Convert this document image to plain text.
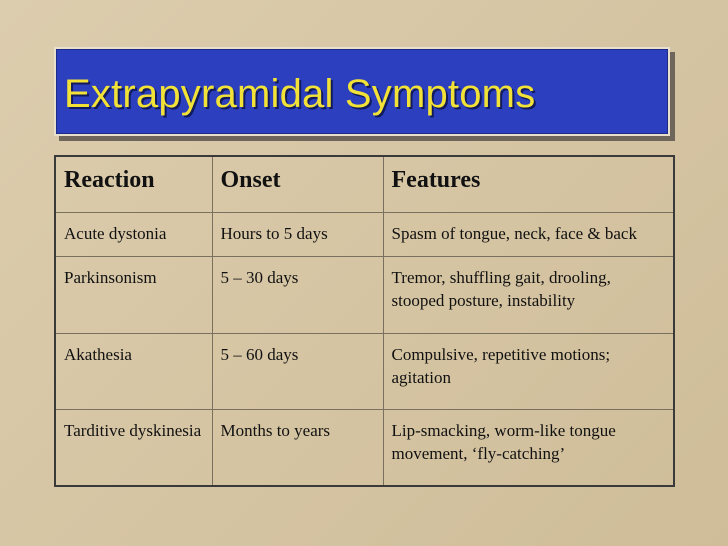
Extrapyramidal Symptoms
Reaction	Onset	Features
Acute dystonia	Hours to 5 days	Spasm of tongue, neck, face & back
Parkinsonism	5 – 30 days	Tremor, shuffling gait, drooling, stooped posture, instability
Akathesia	5 – 60 days	Compulsive, repetitive motions; agitation
Tarditive dyskinesia	Months to years	Lip-smacking, worm-like tongue movement, ‘fly-catching’
